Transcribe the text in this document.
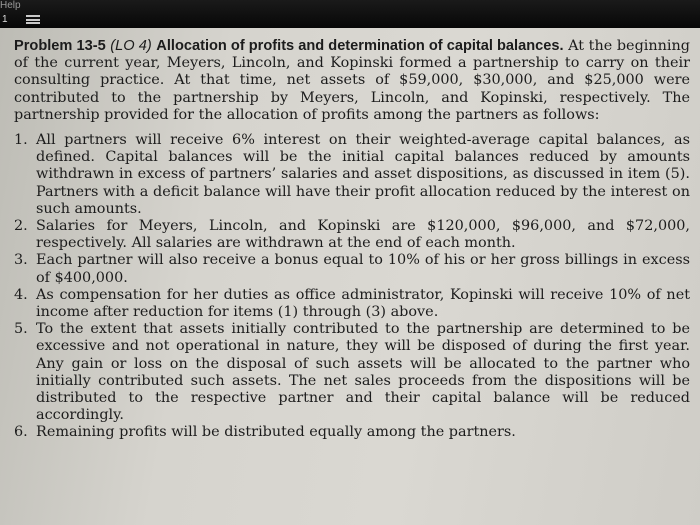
Help
1

Problem 13-5 (LO 4) Allocation of profits and determination of capital balances. At the beginning of the current year, Meyers, Lincoln, and Kopinski formed a partnership to carry on their consulting practice. At that time, net assets of $59,000, $30,000, and $25,000 were contributed to the partnership by Meyers, Lincoln, and Kopinski, respectively. The partnership provided for the allocation of profits among the partners as follows:

1. All partners will receive 6% interest on their weighted-average capital balances, as defined. Capital balances will be the initial capital balances reduced by amounts withdrawn in excess of partners’ salaries and asset dispositions, as discussed in item (5). Partners with a deficit balance will have their profit allocation reduced by the interest on such amounts.
2. Salaries for Meyers, Lincoln, and Kopinski are $120,000, $96,000, and $72,000, respectively. All salaries are withdrawn at the end of each month.
3. Each partner will also receive a bonus equal to 10% of his or her gross billings in excess of $400,000.
4. As compensation for her duties as office administrator, Kopinski will receive 10% of net income after reduction for items (1) through (3) above.
5. To the extent that assets initially contributed to the partnership are determined to be excessive and not operational in nature, they will be disposed of during the first year. Any gain or loss on the disposal of such assets will be allocated to the partner who initially contributed such assets. The net sales proceeds from the dispositions will be distributed to the respective partner and their capital balance will be reduced accordingly.
6. Remaining profits will be distributed equally among the partners.
